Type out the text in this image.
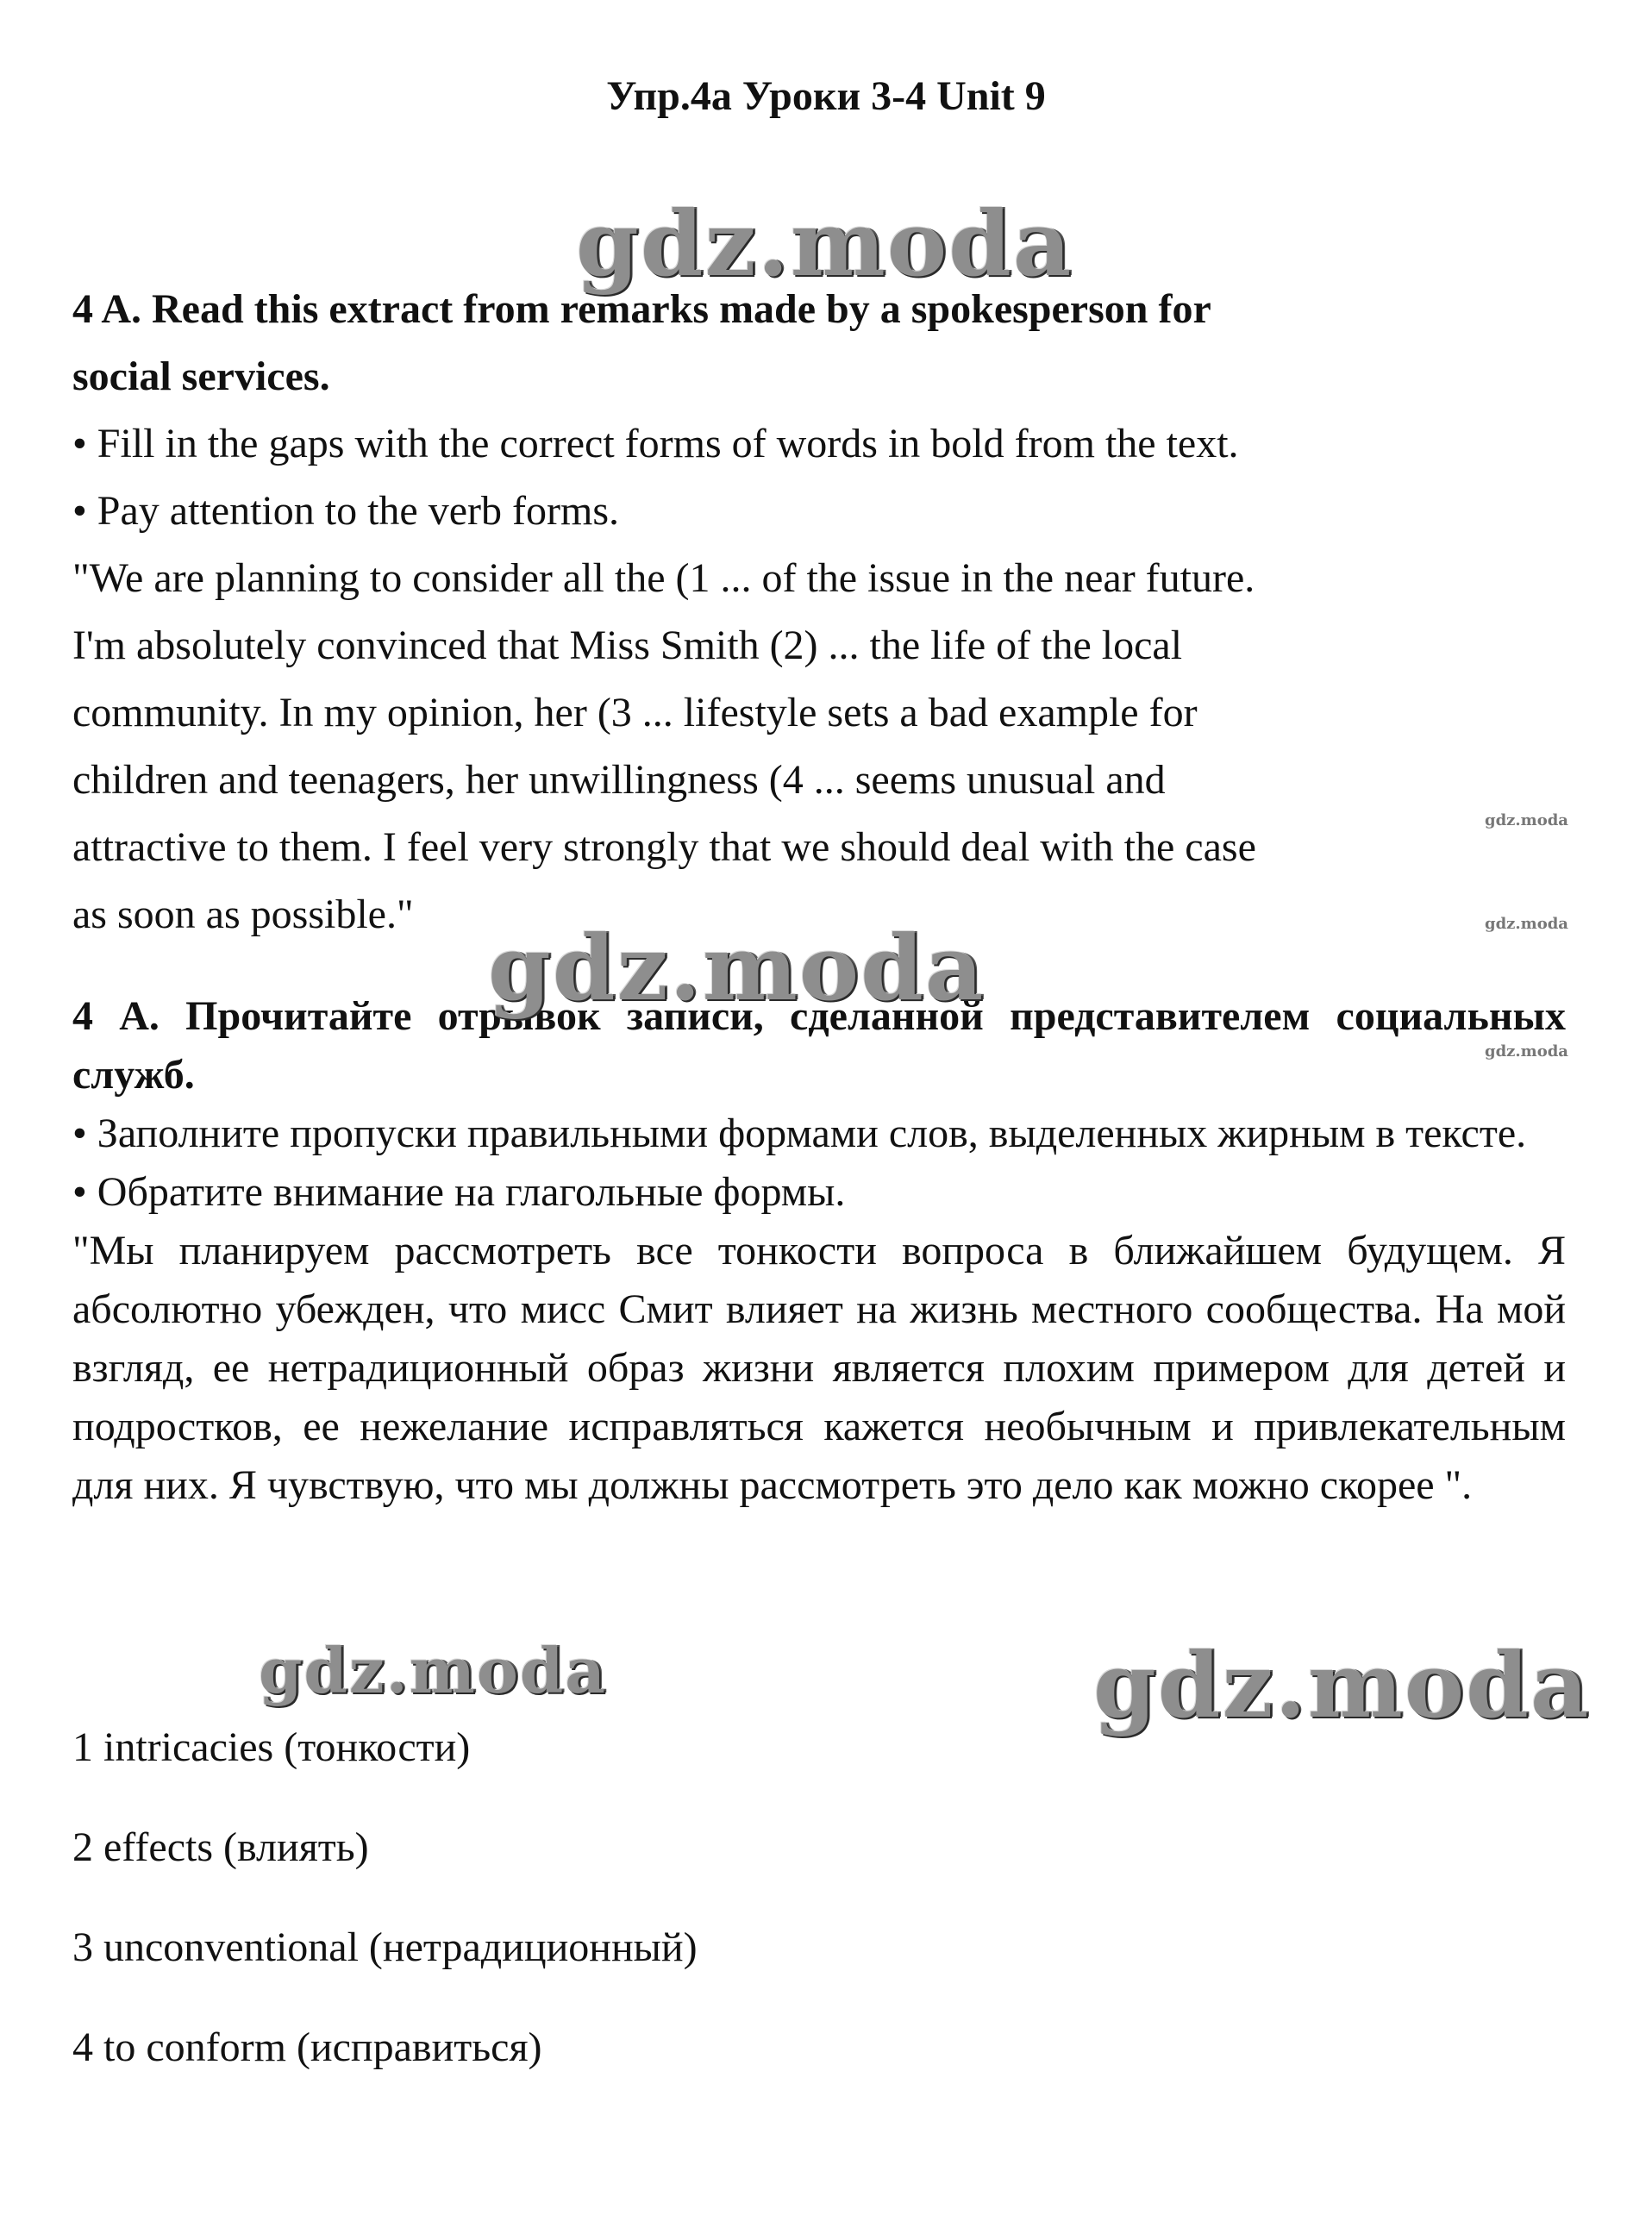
Упр.4а Уроки 3-4 Unit 9

4 A. Read this extract from remarks made by a spokesperson for

social services.

• Fill in the gaps with the correct forms of words in bold from the text.

• Pay attention to the verb forms.

"We are planning to consider all the (1 ... of the issue in the near future.

I'm absolutely convinced that Miss Smith (2) ... the life of the local

community. In my opinion, her (3 ... lifestyle sets a bad example for

children and teenagers, her unwillingness (4 ... seems unusual and

attractive to them. I feel very strongly that we should deal with the case

as soon as possible."

4 А. Прочитайте отрывок записи, сделанной представителем социальных служб.

• Заполните пропуски правильными формами слов, выделенных жирным в тексте.

• Обратите внимание на глагольные формы.

"Мы планируем рассмотреть все тонкости вопроса в ближайшем будущем. Я абсолютно убежден, что мисс Смит влияет на жизнь местного сообщества. На мой взгляд, ее нетрадиционный образ жизни является плохим примером для детей и подростков, ее нежелание исправляться кажется необычным и привлекательным для них. Я чувствую, что мы должны рассмотреть это дело как можно скорее ".

1 intricacies (тонкости)

2 effects (влиять)

3 unconventional (нетрадиционный)

4 to conform (исправиться)

gdz.moda
gdz.moda
gdz.moda	gdz.moda
gdz.moda
gdz.moda
gdz.moda
